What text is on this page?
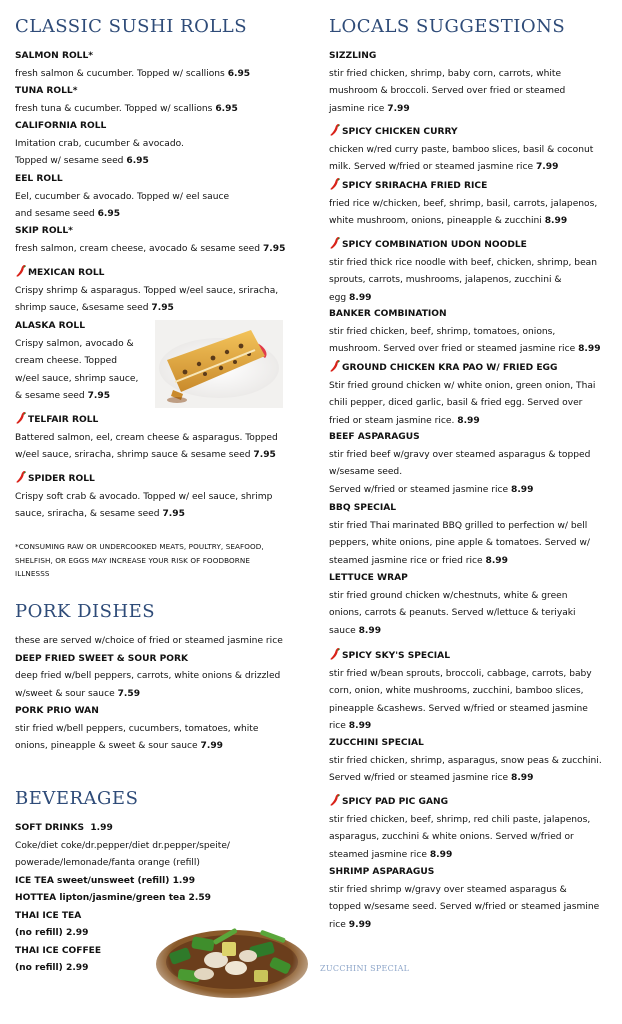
CLASSIC SUSHI ROLLS
SALMON ROLL*
fresh salmon & cucumber. Topped w/ scallions 6.95
TUNA ROLL*
fresh tuna & cucumber. Topped w/ scallions 6.95
CALIFORNIA ROLL
Imitation crab, cucumber & avocado.
Topped w/ sesame seed 6.95
EEL ROLL
Eel, cucumber & avocado. Topped w/ eel sauce
and sesame seed 6.95
SKIP ROLL*
fresh salmon, cream cheese, avocado & sesame seed 7.95
MEXICAN ROLL
Crispy shrimp & asparagus. Topped w/eel sauce, sriracha,
shrimp sauce, &sesame seed 7.95
ALASKA ROLL
Crispy salmon, avocado &
cream cheese. Topped
w/eel sauce, shrimp sauce,
& sesame seed 7.95
TELFAIR ROLL
Battered salmon, eel, cream cheese & asparagus. Topped
w/eel sauce, sriracha, shrimp sauce & sesame seed 7.95
SPIDER ROLL
Crispy soft crab & avocado. Topped w/ eel sauce, shrimp
sauce, sriracha, & sesame seed 7.95
*CONSUMING RAW OR UNDERCOOKED MEATS, POULTRY, SEAFOOD,
SHELFISH, OR EGGS MAY INCREASE YOUR RISK OF FOODBORNE
ILLNESSS
PORK DISHES
these are served w/choice of fried or steamed jasmine rice
DEEP FRIED SWEET & SOUR PORK
deep fried w/bell peppers, carrots, white onions & drizzled
w/sweet & sour sauce 7.59
PORK PRIO WAN
stir fried w/bell peppers, cucumbers, tomatoes, white
onions, pineapple & sweet & sour sauce 7.99
BEVERAGES
SOFT DRINKS 1.99
Coke/diet coke/dr.pepper/diet dr.pepper/speite/
powerade/lemonade/fanta orange (refill)
ICE TEA sweet/unsweet (refill) 1.99
HOTTEA lipton/jasmine/green tea 2.59
THAI ICE TEA
(no refill) 2.99
THAI ICE COFFEE
(no refill) 2.99
LOCALS SUGGESTIONS
SIZZLING
stir fried chicken, shrimp, baby corn, carrots, white
mushroom & broccoli. Served over fried or steamed
jasmine rice 7.99
SPICY CHICKEN CURRY
chicken w/red curry paste, bamboo slices, basil & coconut
milk. Served w/fried or steamed jasmine rice 7.99
SPICY SRIRACHA FRIED RICE
fried rice w/chicken, beef, shrimp, basil, carrots, jalapenos,
white mushroom, onions, pineapple & zucchini 8.99
SPICY COMBINATION UDON NOODLE
stir fried thick rice noodle with beef, chicken, shrimp, bean
sprouts, carrots, mushrooms, jalapenos, zucchini &
egg 8.99
BANKER COMBINATION
stir fried chicken, beef, shrimp, tomatoes, onions,
mushroom. Served over fried or steamed jasmine rice 8.99
GROUND CHICKEN KRA PAO W/ FRIED EGG
Stir fried ground chicken w/ white onion, green onion, Thai
chili pepper, diced garlic, basil & fried egg. Served over
fried or steam jasmine rice. 8.99
BEEF ASPARAGUS
stir fried beef w/gravy over steamed asparagus & topped
w/sesame seed.
Served w/fried or steamed jasmine rice 8.99
BBQ SPECIAL
stir fried Thai marinated BBQ grilled to perfection w/ bell
peppers, white onions, pine apple & tomatoes. Served w/
steamed jasmine rice or fried rice 8.99
LETTUCE WRAP
stir fried ground chicken w/chestnuts, white & green
onions, carrots & peanuts. Served w/lettuce & teriyaki
sauce 8.99
SPICY SKY'S SPECIAL
stir fried w/bean sprouts, broccoli, cabbage, carrots, baby
corn, onion, white mushrooms, zucchini, bamboo slices,
pineapple &cashews. Served w/fried or steamed jasmine
rice 8.99
ZUCCHINI SPECIAL
stir fried chicken, shrimp, asparagus, snow peas & zucchini.
Served w/fried or steamed jasmine rice 8.99
SPICY PAD PIC GANG
stir fried chicken, beef, shrimp, red chili paste, jalapenos,
asparagus, zucchini & white onions. Served w/fried or
steamed jasmine rice 8.99
SHRIMP ASPARAGUS
stir fried shrimp w/gravy over steamed asparagus &
topped w/sesame seed. Served w/fried or steamed jasmine
rice 9.99
ZUCCHINI SPECIAL
